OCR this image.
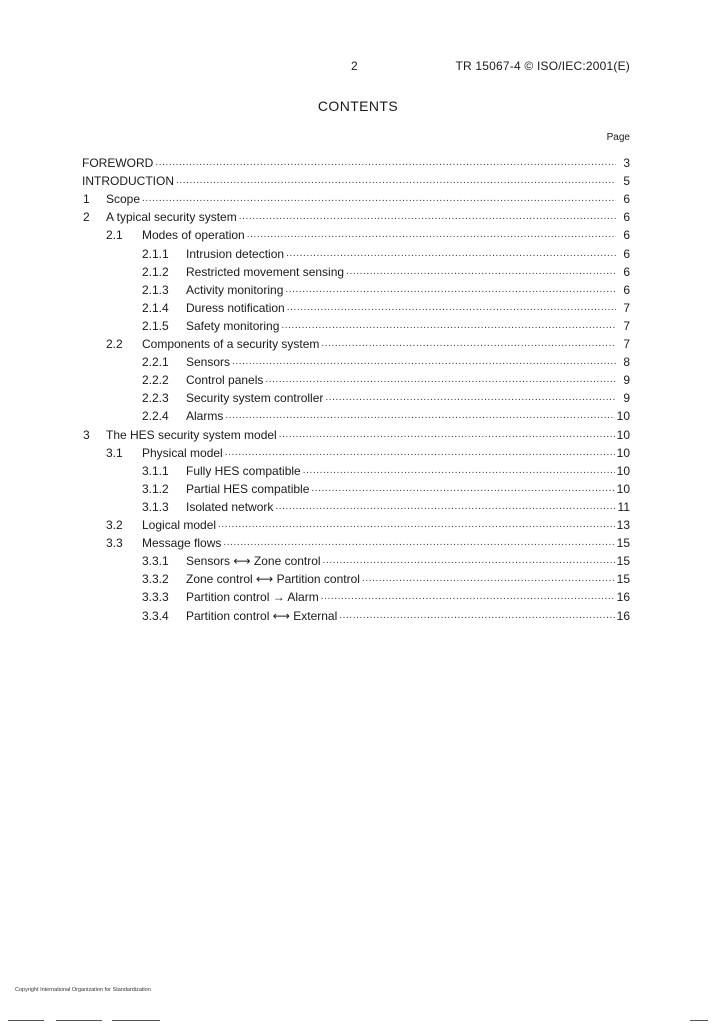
2	TR 15067-4 © ISO/IEC:2001(E)
CONTENTS
Page
FOREWORD .....	3
INTRODUCTION .....	5
1	Scope .....	6
2	A typical security system .....	6
2.1	Modes of operation .....	6
2.1.1	Intrusion detection .....	6
2.1.2	Restricted movement sensing .....	6
2.1.3	Activity monitoring .....	6
2.1.4	Duress notification .....	7
2.1.5	Safety monitoring .....	7
2.2	Components of a security system .....	7
2.2.1	Sensors .....	8
2.2.2	Control panels .....	9
2.2.3	Security system controller .....	9
2.2.4	Alarms .....	10
3	The HES security system model .....	10
3.1	Physical model .....	10
3.1.1	Fully HES compatible .....	10
3.1.2	Partial HES compatible .....	10
3.1.3	Isolated network .....	11
3.2	Logical model .....	13
3.3	Message flows .....	15
3.3.1	Sensors ⟷ Zone control .....	15
3.3.2	Zone control ⟷ Partition control .....	15
3.3.3	Partition control → Alarm .....	16
3.3.4	Partition control ⟷ External .....	16
Copyright International Organization for Standardization
